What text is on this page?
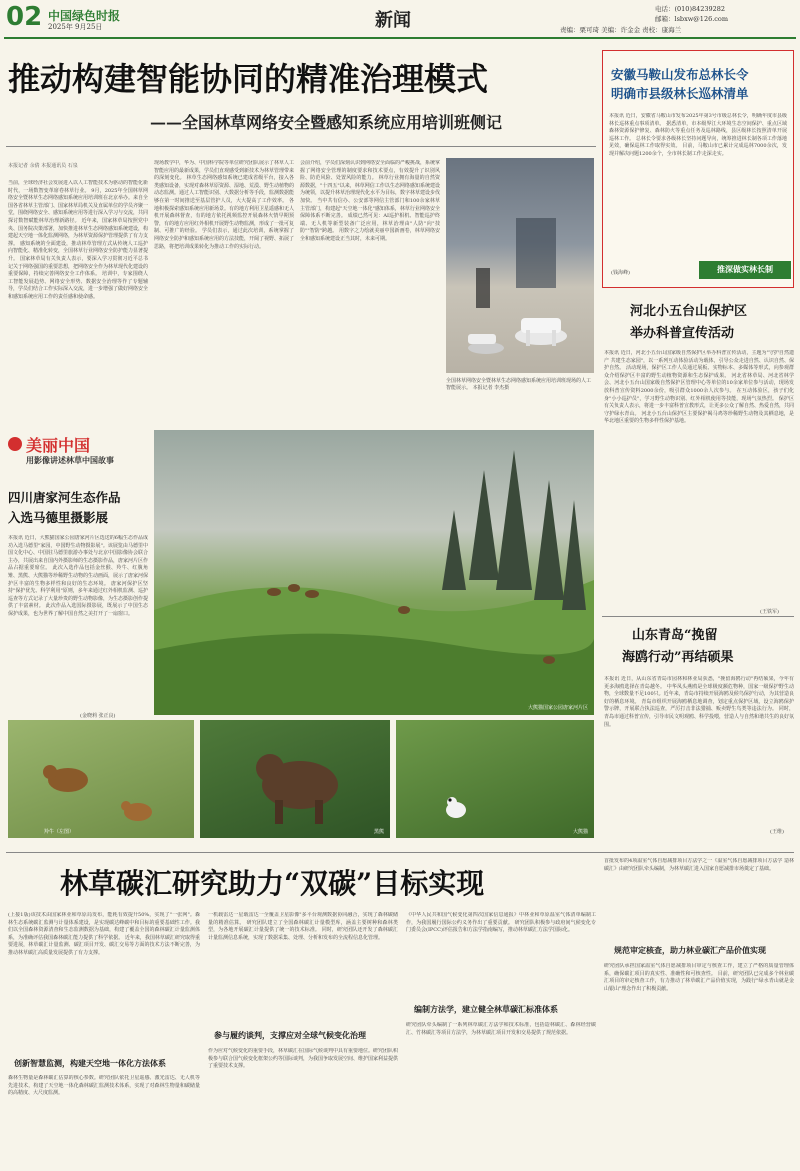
02 中国绿色时报
2025年 9月25日	新闻
电话：(010)84239282
邮箱：lsbxw@126.com
责编：栗可琦 美编：许金金 责校：康海兰
推动构建智能协同的精准治理模式
——全国林草网络安全暨感知系统应用培训班侧记
本报记者 余倩 本报通讯员 石泉
当前，全球经济社会发展进入以人工智能技术为驱动的智能化新时代，一场数智变革席卷林草行业。 9月，2025年全国林草网络安全暨林草生态网络感知系统应用培训班在北京举办。来自全国各省林草主管部门、国家林草局机关及直属单位的学员齐聚一堂，围绕网络安全、感知系统应用等进行深入学习与交流，共同探讨数智赋能林草治理新路径。 近年来，国家林草局按照党中央、国务院决策部署，加快推进林草生态网络感知系统建设，构建起天空地一体化监测网络，为林草资源保护管理提供了有力支撑。 感知系统的全面建设，推动林草管理方式从传统人工巡护向智能化、精准化转变，全国林草行业网络安全防护能力显著提升。 国家林草局有关负责人表示，要深入学习贯彻习近平总书记关于网络强国的重要思想，把网络安全作为林草现代化建设的重要保障，持续完善网络安全工作体系。 培训中，专家围绕人工智能发展趋势、网络安全形势、数据安全治理等作了专题辅导，学员们结合工作实际深入交流，进一步增强了做好网络安全和感知系统应用工作的责任感和使命感。
现场教学中，华为、中国科学院等单位研究团队展示了林草人工智能应用的最新成果，学员们直观感受到新技术为林草管理带来的深刻变化。 林草生态网络感知系统已建成省级平台，接入各类感知设备，实现对森林草原资源、湿地、荒漠、野生动植物的动态监测。通过人工智能识别、大数据分析等手段，监测数据能够在第一时间推送至基层管护人员，大大提高了工作效率。 各地积极探索感知系统应用新场景。有的地方利用卫星遥感和无人机开展森林督查，有的地方依托视频监控开展森林火情早期预警，有的地方应用红外相机开展野生动物监测，形成了一批可复制、可推广的经验。 学员们表示，通过此次培训，系统掌握了网络安全防护和感知系统应用的方法技能，开阔了视野、拓展了思路，将把培训成果转化为推动工作的实际行动。
会前介绍，学员们深刻认识到网络安全面临的严峻挑战，系统掌握了网络安全管理的制度要求和技术要点，有效提升了识别风险、防范风险、处置风险的能力。 林草行业拥有海量的自然资源数据，"十四五"以来，林草网信工作以生态网络感知系统建设为统领，以提升林草治理现代化水平为目标，数字林草建设步伐加快。 当中共有信办、公安部等网信主管部门和100余家林草主管部门，构建起"天空地一体化"感知体系，林草行业网络安全保障体系不断完善。 成绩已然可见：AI巡护相机、智能巡护终端、无人机等新型装备广泛应用，林草治理由"人防"向"技防""智防"跨越。 用数字之力绘就美丽中国新画卷，林草网络安全和感知系统建设正当其时，未来可期。
全国林草网络安全暨林草生态网络感知系统应用培训班现场的人工智能展示。 本报记者 李杰摄
安徽马鞍山发布总林长令
明确市县级林长巡林清单
本报讯 近日，安徽省马鞍山市发布2025年第3号市级总林长令，明确年度市县级林长巡林重点事项清单。 据悉清单，市本级界江大环境生态空间保护、重点区域森林资源保护修复、森林防火等重点任务及巡林路线，县区级林长按照清单开展巡林工作。 总林长令要求各级林长坚持问题导向，统筹推进林长制各项工作落地见效，确保巡林工作取得实效。 目前，马鞍山市已累计完成巡林7000余次，发现并解决问题1200余个，全市林长制工作走深走实。
推深做实林长制
(钱海峰)
河北小五台山保护区
举办科普宣传活动
本报讯 近日，河北小五台山国家级自然保护区举办科普宣传活动，主题为"守护自然遗产 共建生态家园"，以一系列互动体验活动为载体，引导公众走进自然、认识自然、保护自然。 活动现场，保护区工作人员通过展板、实物标本、多媒体等形式，向参观群众介绍保护区丰富的野生动植物资源和生态保护成果。 河北省林草局、河北省林学会、河北小五台山国家级自然保护区管理中心等单位的10余家单位参与活动，现场发放科普宣传资料2000余份，吸引群众1000余人次参与。 在互动体验区，孩子们化身"小小巡护员"，学习野生动物识别、红外相机使用等技能，现场气氛热烈。 保护区有关负责人表示，将进一步丰富科普宣教形式，让更多公众了解自然、热爱自然，共同守护绿水青山。 河北小五台山保护区主要保护褐马鸡等珍稀野生动物及其栖息地，是华北地区重要的生物多样性保护基地。
(王铁军)
山东青岛“挽留
海鸥行动”再结硕果
本报讯 近日，从山东省青岛市园林和林业局获悉，"挽留海鸥行动"再结硕果，今年有更多海鸥选择在青岛越冬。 中华凤头燕鸥是全球极度濒危物种，国家一级保护野生动物，全球数量不足100只。近年来，青岛市持续开展海鸥及候鸟保护行动，为其营造良好的栖息环境。 青岛市组织开展海鸥栖息地调查，划定重点保护区域，设立海鸥保护警示牌，开展联合执法巡查，严厉打击非法猎捕、贩卖野生鸟类等违法行为。 同时，青岛市通过科普宣传，引导市民文明观鸥、科学投喂，营造人与自然和谐共生的良好氛围。
(王维)
美丽中国
用影像讲述林草中国故事
四川唐家河生态作品
入选马德里摄影展
本报讯 近日，大熊猫国家公园唐家河片区选送的6幅生态作品成功入选马德里"家园，中国野生动物摄影展"。该展览由马德里中国文化中心、中国驻马德里旅游办事处与北京中国影像协会联合主办，共展出来自国内外摄影师的生态摄影作品，唐家河片区作品占据重要席位。 此次入选作品包括金丝猴、羚牛、红腹角雉、黑熊、大熊猫等珍稀野生动物的生动画面，展示了唐家河保护区丰富的生物多样性和良好的生态环境。 唐家河保护区坚持"保护优先、科学利用"原则，多年来通过红外相机监测、巡护巡查等方式记录了大量珍贵的野生动物影像，为生态摄影创作提供了丰富素材。 此次作品入选国际摄影展，既展示了中国生态保护成果，也为世界了解中国自然之美打开了一扇窗口。
(金晓莉 张正良)
大熊猫国家公园唐家河片区
羚牛（左图）	黑熊	大熊猫
林草碳汇研究助力“双碳”目标实现
(上接1版)该技术由国家林业和草原局发布，能耗有效提升50%，实现了"一张网"。森林生态系统碳汇监测与计量体系建设，是实现碳达峰碳中和目标的重要基础性工作。我们以全国森林资源清查和生态监测数据为基础，构建了覆盖全国的森林碳汇计量监测体系，为准确评估我国森林碳汇能力提供了科学依据。 近年来，我国林草碳汇研究取得重要进展，林草碳汇计量监测、碳汇项目开发、碳汇交易等方面的技术方法不断完善，为推动林草碳汇高质量发展提供了有力支撑。
创新智慧监测，构建天空地一体化方法体系
森林生物量是森林碳汇估算的核心参数。研究团队依托卫星遥感、激光雷达、无人机等先进技术，构建了天空地一体化森林碳汇监测技术体系，实现了对森林生物量和碳储量的高精度、大尺度监测。
一机载雷达一星载雷达一全覆盖卫星影像"多平台观测数据协同融合，实现了森林碳储量的精准估算。 研究团队建立了全国森林碳汇计量模型库，涵盖主要树种和森林类型，为各地开展碳汇计量提供了统一的技术标准。 同时，研究团队还开发了森林碳汇计量监测信息系统，实现了数据采集、处理、分析和发布的全流程信息化管理。
参与履约谈判，支撑应对全球气候变化治理
作为应对气候变化的重要手段，林草碳汇在国际气候谈判中具有重要地位。研究团队积极参与联合国气候变化框架公约等国际谈判，为我国争取发展空间、维护国家利益提供了重要技术支撑。
《中华人民共和国气候变化第四次国家信息通报》中林业和草原温室气体清单编制工作，为我国履行国际公约义务作出了重要贡献。 研究团队积极参与政府间气候变化专门委员会(IPCC)评估报告和方法学指南编写，推动林草碳汇方法学国际化。
编制方法学，建立健全林草碳汇标准体系
研究团队牵头编制了一系列林草碳汇方法学和技术标准，包括造林碳汇、森林经营碳汇、竹林碳汇等项目方法学，为林草碳汇项目开发和交易提供了规范依据。
首批发布的4项温室气体自愿减排项目方法学之一《温室气体自愿减排项目方法学 造林碳汇》由研究团队牵头编制，为林草碳汇进入国家自愿减排市场奠定了基础。
规范审定核查，助力林业碳汇产品价值实现
研究团队承担国家温室气体自愿减排项目审定与核查工作，建立了严格的质量管理体系，确保碳汇项目的真实性、准确性和可核查性。 目前，研究团队已完成多个林业碳汇项目的审定核查工作，有力推动了林草碳汇产品价值实现，为践行"绿水青山就是金山银山"理念作出了积极贡献。
